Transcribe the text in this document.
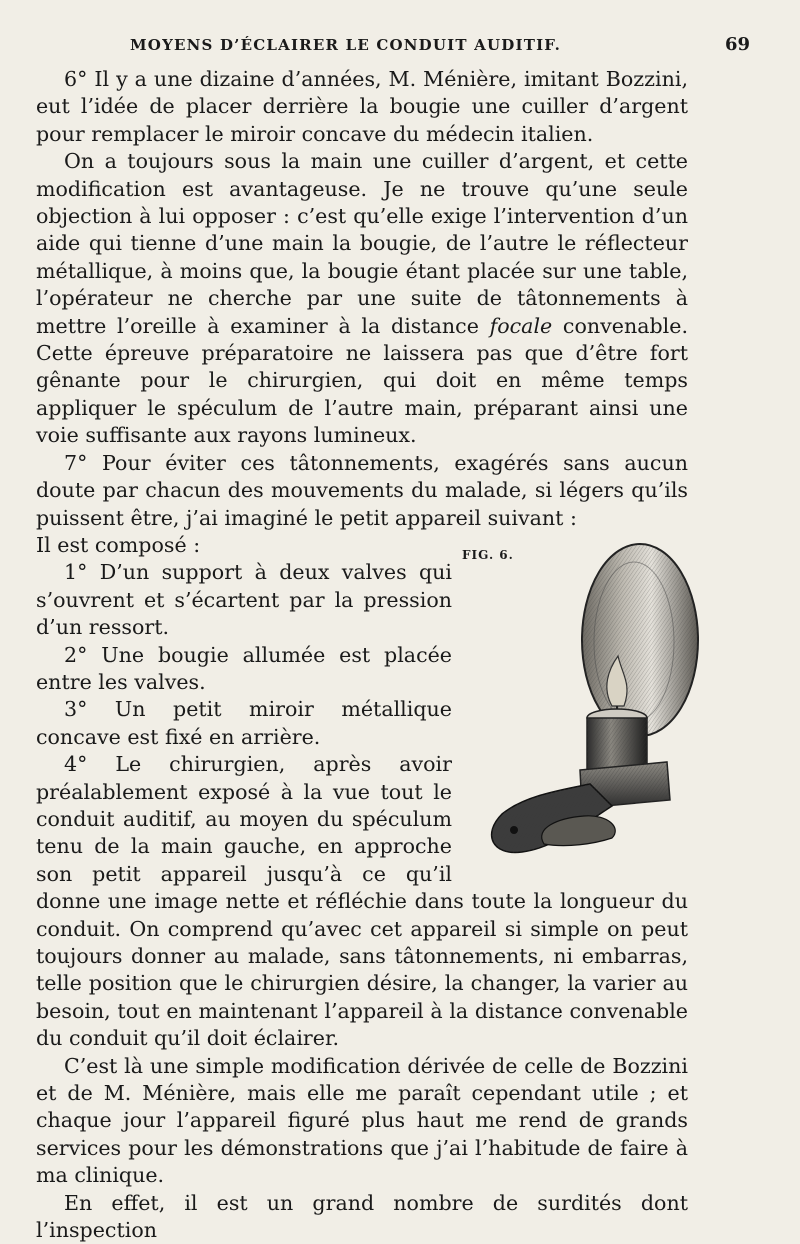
MOYENS D’ÉCLAIRER LE CONDUIT AUDITIF.	69

6° Il y a une dizaine d’années, M. Ménière, imitant Bozzini, eut l’idée de placer derrière la bougie une cuiller d’argent pour remplacer le miroir concave du médecin italien.

On a toujours sous la main une cuiller d’argent, et cette modification est avantageuse. Je ne trouve qu’une seule objection à lui opposer : c’est qu’elle exige l’intervention d’un aide qui tienne d’une main la bougie, de l’autre le réflecteur métallique, à moins que, la bougie étant placée sur une table, l’opérateur ne cherche par une suite de tâtonnements à mettre l’oreille à examiner à la distance focale convenable. Cette épreuve préparatoire ne laissera pas que d’être fort gênante pour le chirurgien, qui doit en même temps appliquer le spéculum de l’autre main, préparant ainsi une voie suffisante aux rayons lumineux.

7° Pour éviter ces tâtonnements, exagérés sans aucun doute par chacun des mouvements du malade, si légers qu’ils puissent être, j’ai imaginé le petit appareil suivant :

FIG. 6.

Il est composé :

1° D’un support à deux valves qui s’ouvrent et s’écartent par la pression d’un ressort.

2° Une bougie allumée est placée entre les valves.

3° Un petit miroir métallique concave est fixé en arrière.

4° Le chirurgien, après avoir préalablement exposé à la vue tout le conduit auditif, au moyen du spéculum tenu de la main gauche, en approche son petit appareil jusqu’à ce qu’il donne une image nette et réfléchie dans toute la longueur du conduit. On comprend qu’avec cet appareil si simple on peut toujours donner au malade, sans tâtonnements, ni embarras, telle position que le chirurgien désire, la changer, la varier au besoin, tout en maintenant l’appareil à la distance convenable du conduit qu’il doit éclairer.

C’est là une simple modification dérivée de celle de Bozzini et de M. Ménière, mais elle me paraît cependant utile ; et chaque jour l’appareil figuré plus haut me rend de grands services pour les démonstrations que j’ai l’habitude de faire à ma clinique.

En effet, il est un grand nombre de surdités dont l’inspection
